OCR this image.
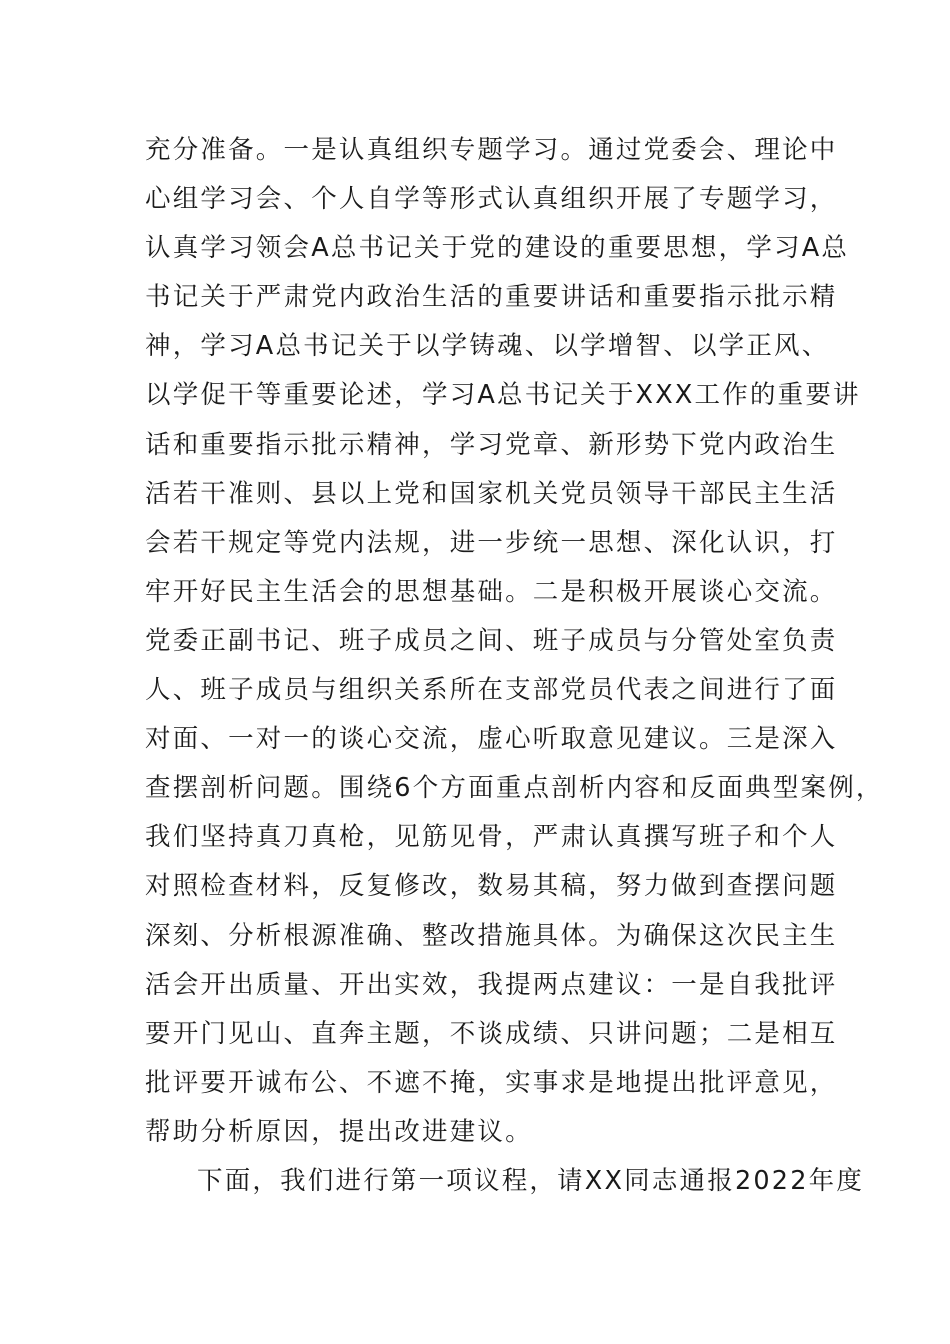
充分准备。一是认真组织专题学习。通过党委会、理论中
心组学习会、个人自学等形式认真组织开展了专题学习，
认真学习领会A总书记关于党的建设的重要思想，学习A总
书记关于严肃党内政治生活的重要讲话和重要指示批示精
神，学习A总书记关于以学铸魂、以学增智、以学正风、
以学促干等重要论述，学习A总书记关于XXX工作的重要讲
话和重要指示批示精神，学习党章、新形势下党内政治生
活若干准则、县以上党和国家机关党员领导干部民主生活
会若干规定等党内法规，进一步统一思想、深化认识，打
牢开好民主生活会的思想基础。二是积极开展谈心交流。
党委正副书记、班子成员之间、班子成员与分管处室负责
人、班子成员与组织关系所在支部党员代表之间进行了面
对面、一对一的谈心交流，虚心听取意见建议。三是深入
查摆剖析问题。围绕6个方面重点剖析内容和反面典型案例，
我们坚持真刀真枪，见筋见骨，严肃认真撰写班子和个人
对照检查材料，反复修改，数易其稿，努力做到查摆问题
深刻、分析根源准确、整改措施具体。为确保这次民主生
活会开出质量、开出实效，我提两点建议：一是自我批评
要开门见山、直奔主题，不谈成绩、只讲问题；二是相互
批评要开诚布公、不遮不掩，实事求是地提出批评意见，
帮助分析原因，提出改进建议。
下面，我们进行第一项议程，请XX同志通报2022年度
